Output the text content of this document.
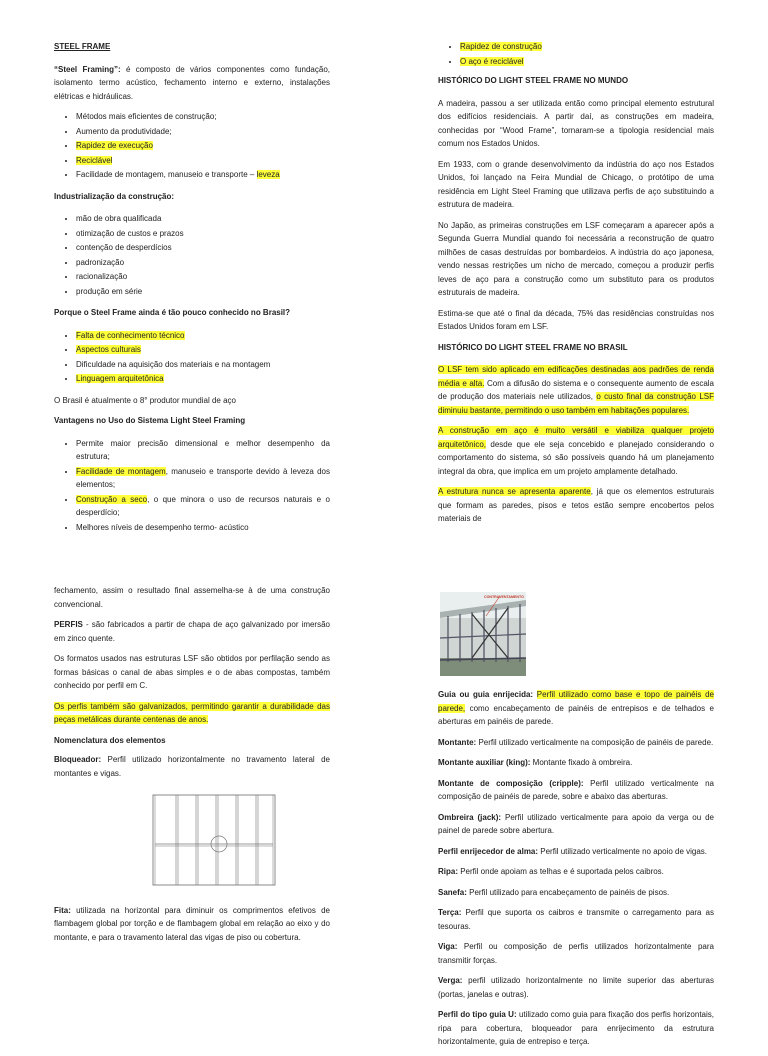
STEEL FRAME

“Steel Framing”: é composto de vários componentes como fundação, isolamento termo acústico, fechamento interno e externo, instalações elétricas e hidráulicas.

• Métodos mais eficientes de construção;
• Aumento da produtividade;
• Rapidez de execução
• Reciclável
• Facilidade de montagem, manuseio e transporte – leveza

Industrialização da construção:

• mão de obra qualificada
• otimização de custos e prazos
• contenção de desperdícios
• padronização
• racionalização
• produção em série

Porque o Steel Frame ainda é tão pouco conhecido no Brasil?

• Falta de conhecimento técnico
• Aspectos culturais
• Dificuldade na aquisição dos materiais e na montagem
• Linguagem arquitetônica

O Brasil é atualmente o 8° produtor mundial de aço

Vantagens no Uso do Sistema Light Steel Framing

• Permite maior precisão dimensional e melhor desempenho da estrutura;
• Facilidade de montagem, manuseio e transporte devido à leveza dos elementos;
• Construção a seco, o que minora o uso de recursos naturais e o desperdício;
• Melhores níveis de desempenho termo- acústico
• Rapidez de construção
• O aço é reciclável

HISTÓRICO DO LIGHT STEEL FRAME NO MUNDO

A madeira, passou a ser utilizada então como principal elemento estrutural dos edifícios residenciais. A partir daí, as construções em madeira, conhecidas por “Wood Frame”, tornaram-se a tipologia residencial mais comum nos Estados Unidos.

Em 1933, com o grande desenvolvimento da indústria do aço nos Estados Unidos, foi lançado na Feira Mundial de Chicago, o protótipo de uma residência em Light Steel Framing que utilizava perfis de aço substituindo a estrutura de madeira.

No Japão, as primeiras construções em LSF começaram a aparecer após a Segunda Guerra Mundial quando foi necessária a reconstrução de quatro milhões de casas destruídas por bombardeios. A indústria do aço japonesa, vendo nessas restrições um nicho de mercado, começou a produzir perfis leves de aço para a construção como um substituto para os produtos estruturais de madeira.

Estima-se que até o final da década, 75% das residências construídas nos Estados Unidos foram em LSF.

HISTÓRICO DO LIGHT STEEL FRAME NO BRASIL

O LSF tem sido aplicado em edificações destinadas aos padrões de renda média e alta. Com a difusão do sistema e o consequente aumento de escala de produção dos materiais nele utilizados, o custo final da construção LSF diminuiu bastante, permitindo o uso também em habitações populares.

A construção em aço é muito versátil e viabiliza qualquer projeto arquitetônico, desde que ele seja concebido e planejado considerando o comportamento do sistema, só são possíveis quando há um planejamento integral da obra, que implica em um projeto amplamente detalhado.

A estrutura nunca se apresenta aparente, já que os elementos estruturais que formam as paredes, pisos e tetos estão sempre encobertos pelos materiais de

fechamento, assim o resultado final assemelha-se à de uma construção convencional.

PERFIS - são fabricados a partir de chapa de aço galvanizado por imersão em zinco quente.

Os formatos usados nas estruturas LSF são obtidos por perfilação sendo as formas básicas o canal de abas simples e o de abas compostas, também conhecido por perfil em C.

Os perfis também são galvanizados, permitindo garantir a durabilidade das peças metálicas durante centenas de anos.

Nomenclatura dos elementos

Bloqueador: Perfil utilizado horizontalmente no travamento lateral de montantes e vigas.

Fita: utilizada na horizontal para diminuir os comprimentos efetivos de flambagem global por torção e de flambagem global em relação ao eixo y do montante, e para o travamento lateral das vigas de piso ou cobertura.

CONTRAVENTAMENTO

Guia ou guia enrijecida: Perfil utilizado como base e topo de painéis de parede, como encabeçamento de painéis de entrepisos e de telhados e aberturas em painéis de parede.

Montante: Perfil utilizado verticalmente na composição de painéis de parede.

Montante auxiliar (king): Montante fixado à ombreira.

Montante de composição (cripple): Perfil utilizado verticalmente na composição de painéis de parede, sobre e abaixo das aberturas.

Ombreira (jack): Perfil utilizado verticalmente para apoio da verga ou de painel de parede sobre abertura.

Perfil enrijecedor de alma: Perfil utilizado verticalmente no apoio de vigas.

Ripa: Perfil onde apoiam as telhas e é suportada pelos caibros.

Sanefa: Perfil utilizado para encabeçamento de painéis de pisos.

Terça: Perfil que suporta os caibros e transmite o carregamento para as tesouras.

Viga: Perfil ou composição de perfis utilizados horizontalmente para transmitir forças.

Verga: perfil utilizado horizontalmente no limite superior das aberturas (portas, janelas e outras).

Perfil do tipo guia U: utilizado como guia para fixação dos perfis horizontais, ripa para cobertura, bloqueador para enrijecimento da estrutura horizontalmente, guia de entrepiso e terça.
